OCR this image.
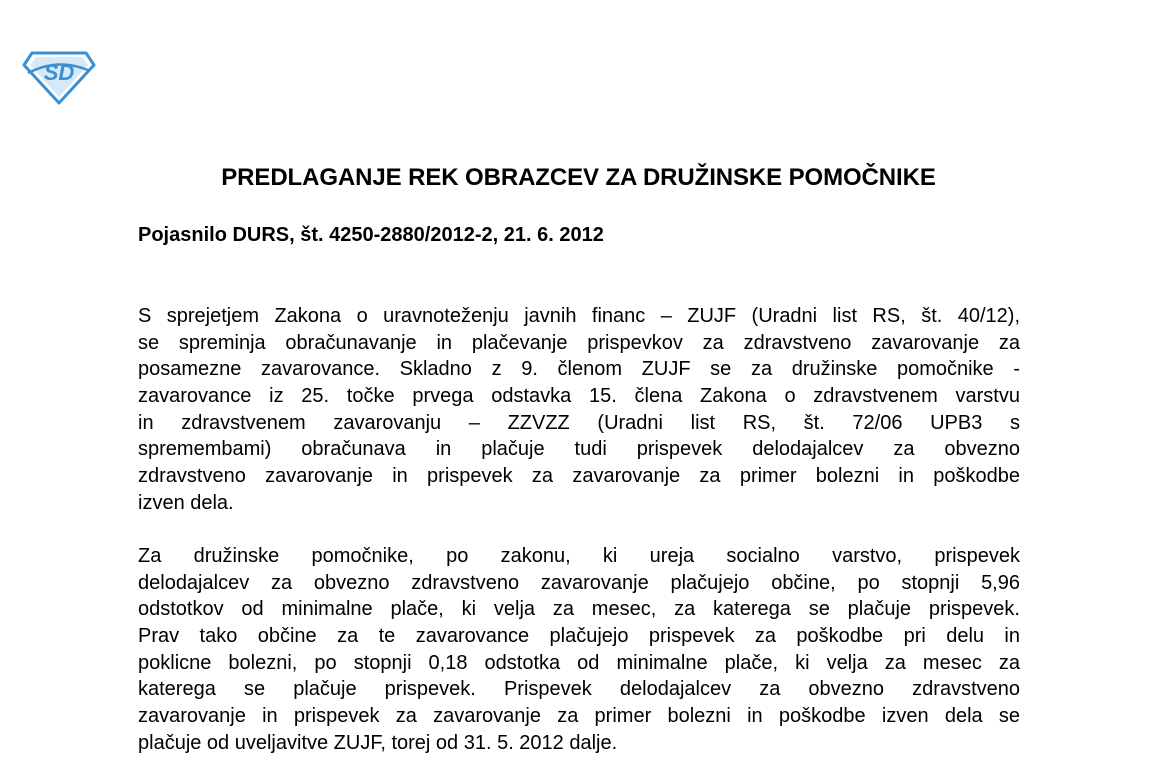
SD
PREDLAGANJE REK OBRAZCEV ZA DRUŽINSKE POMOČNIKE
Pojasnilo DURS, št. 4250-2880/2012-2, 21. 6. 2012
S sprejetjem Zakona o uravnoteženju javnih financ – ZUJF (Uradni list RS, št. 40/12),
se spreminja obračunavanje in plačevanje prispevkov za zdravstveno zavarovanje za
posamezne zavarovance. Skladno z 9. členom ZUJF se za družinske pomočnike -
zavarovance iz 25. točke prvega odstavka 15. člena Zakona o zdravstvenem varstvu
in zdravstvenem zavarovanju – ZZVZZ (Uradni list RS, št. 72/06 UPB3 s
spremembami) obračunava in plačuje tudi prispevek delodajalcev za obvezno
zdravstveno zavarovanje in prispevek za zavarovanje za primer bolezni in poškodbe
izven dela.
Za družinske pomočnike, po zakonu, ki ureja socialno varstvo, prispevek
delodajalcev za obvezno zdravstveno zavarovanje plačujejo občine, po stopnji 5,96
odstotkov od minimalne plače, ki velja za mesec, za katerega se plačuje prispevek.
Prav tako občine za te zavarovance plačujejo prispevek za poškodbe pri delu in
poklicne bolezni, po stopnji 0,18 odstotka od minimalne plače, ki velja za mesec za
katerega se plačuje prispevek. Prispevek delodajalcev za obvezno zdravstveno
zavarovanje in prispevek za zavarovanje za primer bolezni in poškodbe izven dela se
plačuje od uveljavitve ZUJF, torej od 31. 5. 2012 dalje.
